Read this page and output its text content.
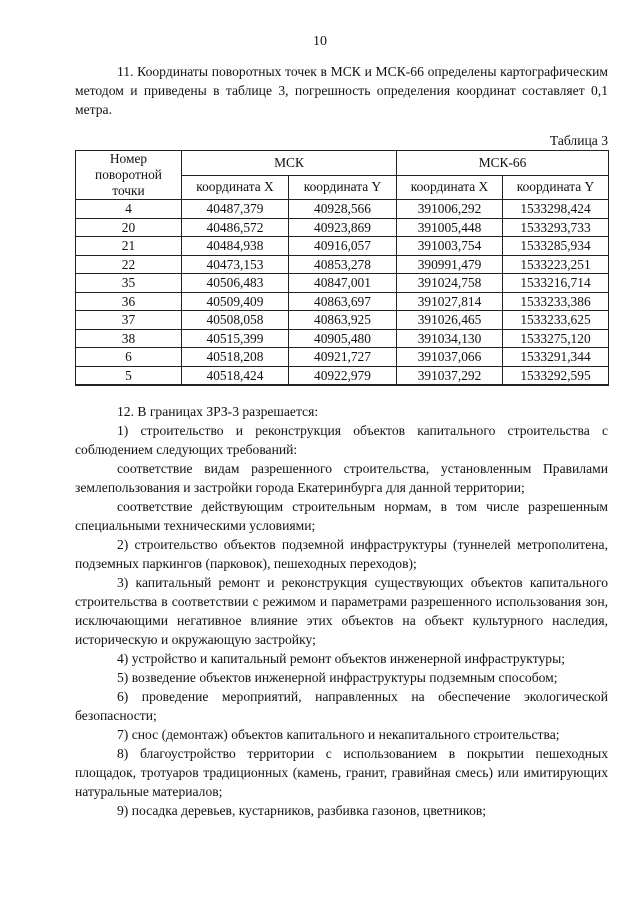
10

11. Координаты поворотных точек в МСК и МСК-66 определены картографическим методом и приведены в таблице 3, погрешность определения координат составляет 0,1 метра.

Таблица 3
Номер поворотной точки	МСК		МСК-66	
	координата X	координата Y	координата X	координата Y
4	40487,379	40928,566	391006,292	1533298,424
20	40486,572	40923,869	391005,448	1533293,733
21	40484,938	40916,057	391003,754	1533285,934
22	40473,153	40853,278	390991,479	1533223,251
35	40506,483	40847,001	391024,758	1533216,714
36	40509,409	40863,697	391027,814	1533233,386
37	40508,058	40863,925	391026,465	1533233,625
38	40515,399	40905,480	391034,130	1533275,120
6	40518,208	40921,727	391037,066	1533291,344
5	40518,424	40922,979	391037,292	1533292,595

12. В границах ЗРЗ-3 разрешается:

1) строительство и реконструкция объектов капитального строительства с соблюдением следующих требований:

соответствие видам разрешенного строительства, установленным Правилами землепользования и застройки города Екатеринбурга для данной территории;

соответствие действующим строительным нормам, в том числе разрешенным специальными техническими условиями;

2) строительство объектов подземной инфраструктуры (туннелей метрополитена, подземных паркингов (парковок), пешеходных переходов);

3) капитальный ремонт и реконструкция существующих объектов капитального строительства в соответствии с режимом и параметрами разрешенного использования зон, исключающими негативное влияние этих объектов на объект культурного наследия, историческую и окружающую застройку;

4) устройство и капитальный ремонт объектов инженерной инфраструктуры;

5) возведение объектов инженерной инфраструктуры подземным способом;

6) проведение мероприятий, направленных на обеспечение экологической безопасности;

7) снос (демонтаж) объектов капитального и некапитального строительства;

8) благоустройство территории с использованием в покрытии пешеходных площадок, тротуаров традиционных (камень, гранит, гравийная смесь) или имитирующих натуральные материалов;

9) посадка деревьев, кустарников, разбивка газонов, цветников;
